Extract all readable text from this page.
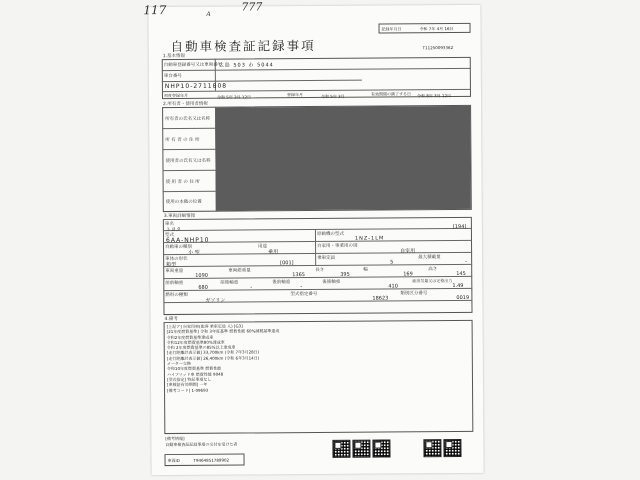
117	A
777
記録年月日	令和 7年 4月 16日
自動車検査証記録事項	T11250093362
1.基本情報
自動車登録番号又は車両番号
広島 503 わ 5044
車台番号
NHP10-2711808
初度登録年月	令和 5年 3月 12日	登録年月	令和 5年 3月	有効期間の満了する日 令和 8年 3月 12日
2.所有者・使用者情報
所有者の氏名又は名称
所 有 者 の 住 所
使用者の氏名又は名称
使 用 者 の 住 所
使用の本拠の位置
3.車両詳細情報
車名
トヨタ	[194]
型式
6AA-NHP10
原動機の型式
1NZ-1LM
自動車の種別
小 型
用途
乗用
自家用・事業用の別
自家用
車体の形状
箱型	[001]
乗車定員
5
最大積載量
-
車両重量
1090
車両総重量
1365
長さ
395
幅
169
高さ
145
前前軸重
680
前後軸重
-
後前軸重
-
後後軸重
410
総排気量又は定格出力
1.49
燃料の種類
ガソリン
型式指定番号
18623
類別区分番号
0019
4.備考
[上記ア] 自家用車(旅客 乗車定員 人) [G3]
[21年度燃費基準] 令和 3年度基準 燃費性能 60%減税基準達成
令和2年度燃費基準達成車
令和12年度燃費基準80%達成車
令和 2年度燃費基準の85%以上達成車
[走行距離計表示値] 33,700km (令和 7年3月28日)
[走行距離計表示値] 26,400km (令和 6年3月14日)
メーター交換
令和10年度燃費基準 燃費性能
ハイブリッド車 燃費性能 9048
[型式指定] 特記事項なし
[車検証有効期間] 一年
[備考コード] 1-09693
[備考情報]
自動車検査証記録事項の交付を受けた者
車両ID	T9464851789902
